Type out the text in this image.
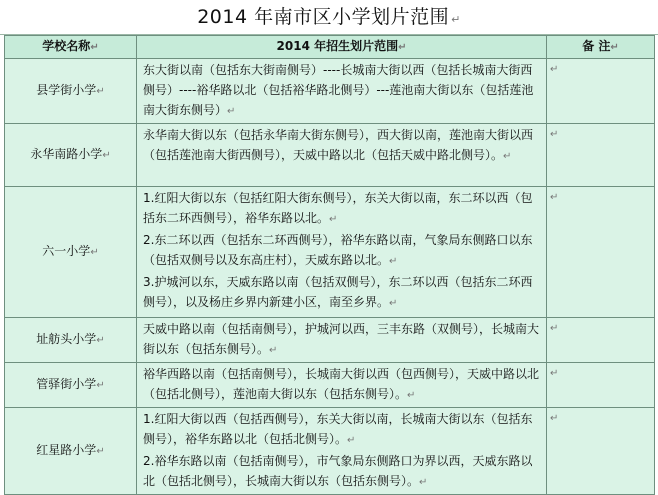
2014 年南市区小学划片范围 ↵
学校名称↵	2014 年招生划片范围↵	备 注↵
县学街小学↵	东大街以南（包括东大街南侧号）----长城南大街以西（包括长城南大街西侧号）----裕华路以北（包括裕华路北侧号）---莲池南大街以东（包括莲池南大街东侧号）↵	↵
永华南路小学↵	永华南大街以东（包括永华南大街东侧号），西大街以南，莲池南大街以西（包括莲池南大街西侧号），天威中路以北（包括天威中路北侧号）。↵	↵
六一小学↵	1.红阳大街以东（包括红阳大街东侧号），东关大街以南，东二环以西（包括东二环西侧号），裕华东路以北。↵

2.东二环以西（包括东二环西侧号），裕华东路以南，气象局东侧路口以东（包括双侧号以及东高庄村），天威东路以北。↵

3.护城河以东，天威东路以南（包括双侧号），东二环以西（包括东二环西侧号），以及杨庄乡界内新建小区，南至乡界。↵	↵
址舫头小学↵	天威中路以南（包括南侧号），护城河以西，三丰东路（双侧号），长城南大街以东（包括东侧号）。↵	↵
管驿街小学↵	裕华西路以南（包括南侧号），长城南大街以西（包西侧号），天威中路以北（包括北侧号），莲池南大街以东（包括东侧号）。↵	↵
红星路小学↵	1.红阳大街以西（包括西侧号），东关大街以南，长城南大街以东（包括东侧号），裕华东路以北（包括北侧号）。↵

2.裕华东路以南（包括南侧号），市气象局东侧路口为界以西，天威东路以北（包括北侧号），长城南大街以东（包括东侧号）。↵	↵
